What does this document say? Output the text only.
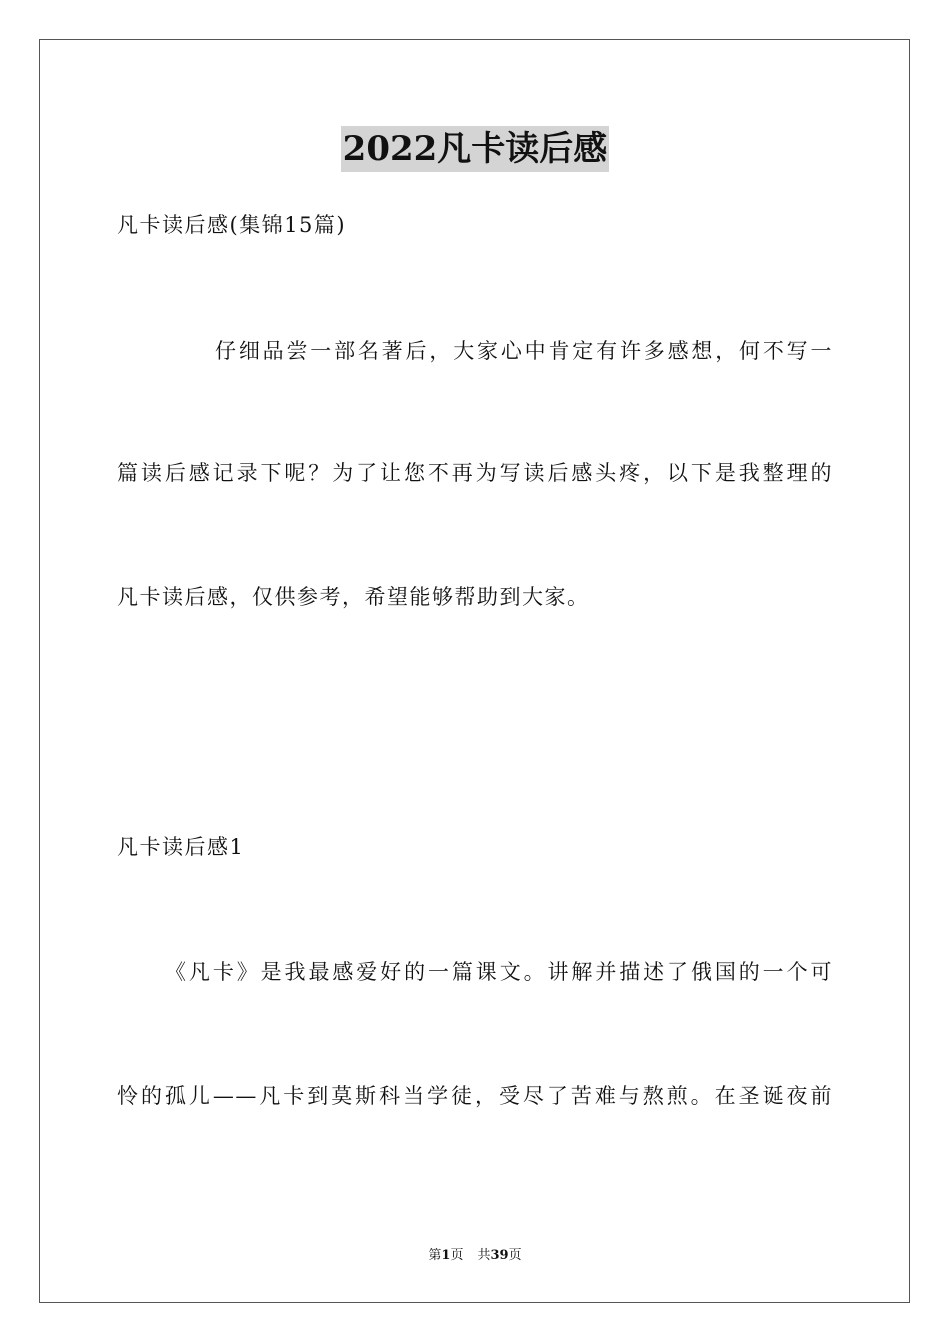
2022凡卡读后感
凡卡读后感(集锦15篇)
仔细品尝一部名著后，大家心中肯定有许多感想，何不写一
篇读后感记录下呢？为了让您不再为写读后感头疼，以下是我整理的
凡卡读后感，仅供参考，希望能够帮助到大家。
凡卡读后感1
《凡卡》是我最感爱好的一篇课文。讲解并描述了俄国的一个可
怜的孤儿——凡卡到莫斯科当学徒，受尽了苦难与熬煎。在圣诞夜前
第1页 共39页
